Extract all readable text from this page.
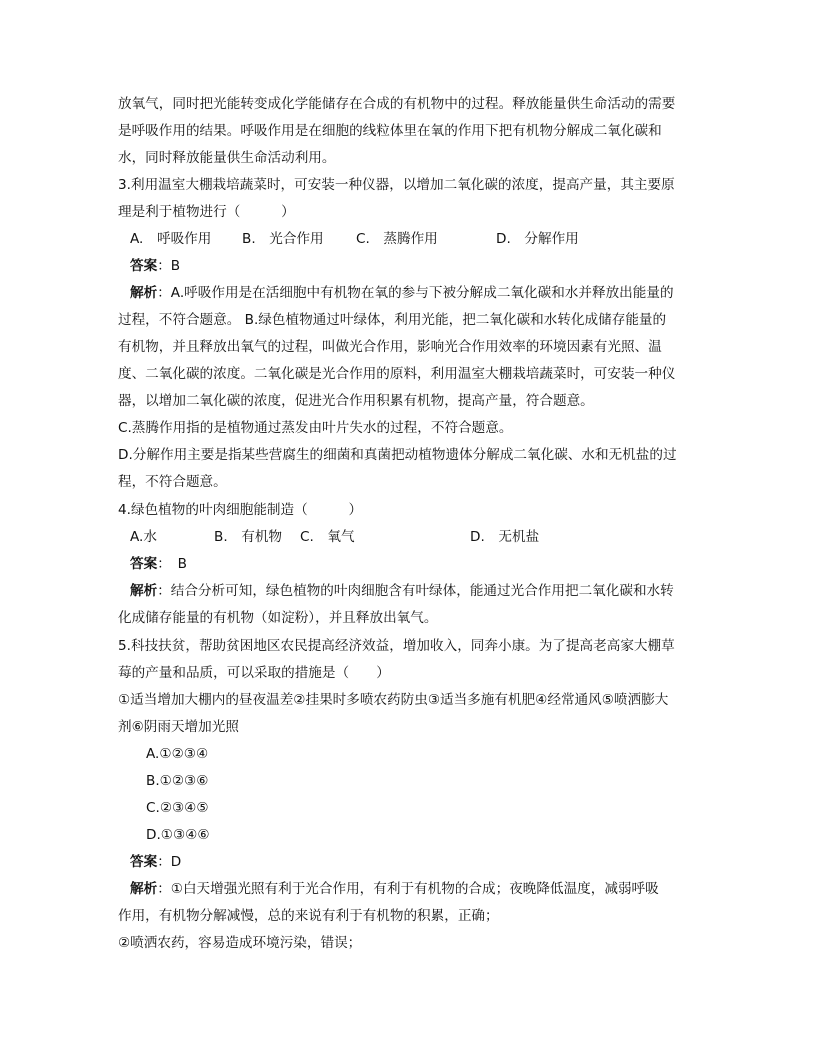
放氧气，同时把光能转变成化学能储存在合成的有机物中的过程。释放能量供生命活动的需要
是呼吸作用的结果。呼吸作用是在细胞的线粒体里在氧的作用下把有机物分解成二氧化碳和
水，同时释放能量供生命活动利用。
3.利用温室大棚栽培蔬菜时，可安装一种仪器，以增加二氧化碳的浓度，提高产量，其主要原
理是利于植物进行（　　　）
A.　呼吸作用 B.　光合作用 C.　蒸腾作用	D.　分解作用
答案：B
解析：A.呼吸作用是在活细胞中有机物在氧的参与下被分解成二氧化碳和水并释放出能量的
过程，不符合题意。 B.绿色植物通过叶绿体，利用光能，把二氧化碳和水转化成储存能量的
有机物，并且释放出氧气的过程，叫做光合作用，影响光合作用效率的环境因素有光照、温
度、二氧化碳的浓度。二氧化碳是光合作用的原料，利用温室大棚栽培蔬菜时，可安装一种仪
器，以增加二氧化碳的浓度，促进光合作用积累有机物，提高产量，符合题意。
C.蒸腾作用指的是植物通过蒸发由叶片失水的过程，不符合题意。
D.分解作用主要是指某些营腐生的细菌和真菌把动植物遗体分解成二氧化碳、水和无机盐的过
程，不符合题意。
4.绿色植物的叶肉细胞能制造（　　　）
A.水	B.　有机物 C.　氧气	D.　无机盐
答案：　B
解析：结合分析可知，绿色植物的叶肉细胞含有叶绿体，能通过光合作用把二氧化碳和水转
化成储存能量的有机物（如淀粉），并且释放出氧气。
5.科技扶贫，帮助贫困地区农民提高经济效益，增加收入，同奔小康。为了提高老高家大棚草
莓的产量和品质，可以采取的措施是（　　）
①适当增加大棚内的昼夜温差②挂果时多喷农药防虫③适当多施有机肥④经常通风⑤喷洒膨大
剂⑥阴雨天增加光照
A.①②③④
B.①②③⑥
C.②③④⑤
D.①③④⑥
答案：D
解析：①白天增强光照有利于光合作用，有利于有机物的合成；夜晚降低温度，减弱呼吸
作用，有机物分解减慢，总的来说有利于有机物的积累，正确；
②喷洒农药，容易造成环境污染，错误；
